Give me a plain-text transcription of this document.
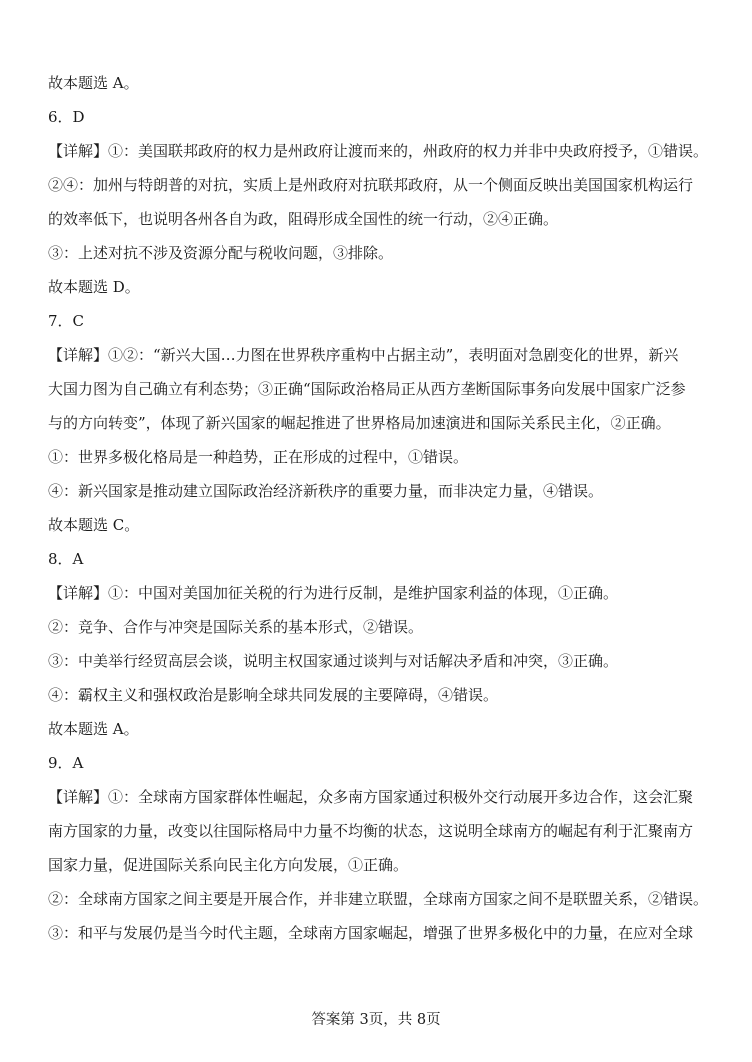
故本题选 A。
6．D
【详解】①：美国联邦政府的权力是州政府让渡而来的，州政府的权力并非中央政府授予，①错误。
②④：加州与特朗普的对抗，实质上是州政府对抗联邦政府，从一个侧面反映出美国国家机构运行
的效率低下，也说明各州各自为政，阻碍形成全国性的统一行动，②④正确。
③：上述对抗不涉及资源分配与税收问题，③排除。
故本题选 D。
7．C
【详解】①②：“新兴大国…力图在世界秩序重构中占据主动”，表明面对急剧变化的世界，新兴
大国力图为自己确立有利态势；③正确“国际政治格局正从西方垄断国际事务向发展中国家广泛参
与的方向转变”，体现了新兴国家的崛起推进了世界格局加速演进和国际关系民主化，②正确。
①：世界多极化格局是一种趋势，正在形成的过程中，①错误。
④：新兴国家是推动建立国际政治经济新秩序的重要力量，而非决定力量，④错误。
故本题选 C。
8．A
【详解】①：中国对美国加征关税的行为进行反制，是维护国家利益的体现，①正确。
②：竞争、合作与冲突是国际关系的基本形式，②错误。
③：中美举行经贸高层会谈，说明主权国家通过谈判与对话解决矛盾和冲突，③正确。
④：霸权主义和强权政治是影响全球共同发展的主要障碍，④错误。
故本题选 A。
9．A
【详解】①：全球南方国家群体性崛起，众多南方国家通过积极外交行动展开多边合作，这会汇聚
南方国家的力量，改变以往国际格局中力量不均衡的状态，这说明全球南方的崛起有利于汇聚南方
国家力量，促进国际关系向民主化方向发展，①正确。
②：全球南方国家之间主要是开展合作，并非建立联盟，全球南方国家之间不是联盟关系，②错误。
③：和平与发展仍是当今时代主题，全球南方国家崛起，增强了世界多极化中的力量，在应对全球
答案第 3页，共 8页
